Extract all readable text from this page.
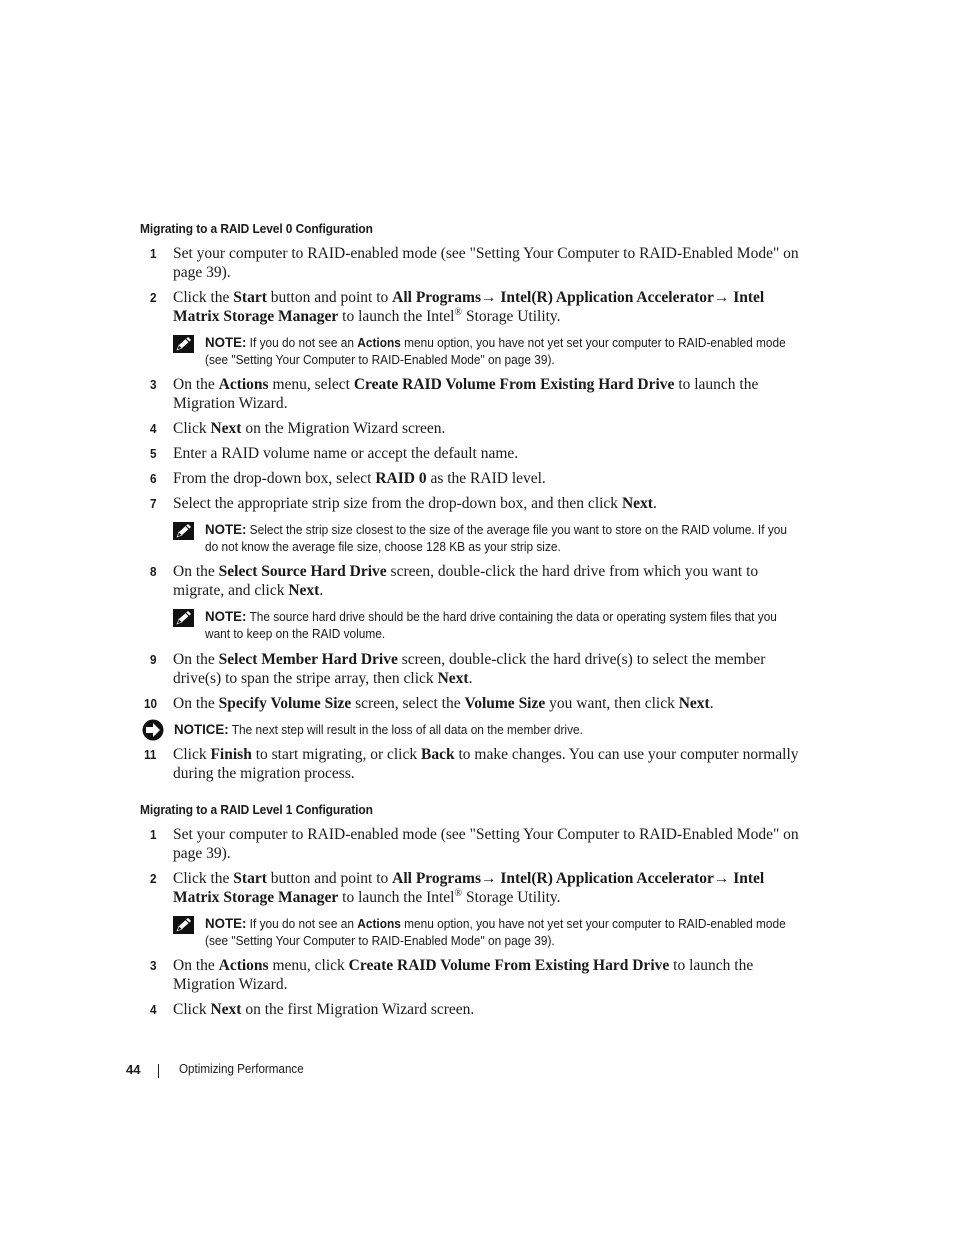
Migrating to a RAID Level 0 Configuration
1	Set your computer to RAID-enabled mode (see "Setting Your Computer to RAID-Enabled Mode" on page 39).
2	Click the Start button and point to All Programs→ Intel(R) Application Accelerator→ Intel Matrix Storage Manager to launch the Intel® Storage Utility.
NOTE: If you do not see an Actions menu option, you have not yet set your computer to RAID-enabled mode (see "Setting Your Computer to RAID-Enabled Mode" on page 39).
3	On the Actions menu, select Create RAID Volume From Existing Hard Drive to launch the Migration Wizard.
4	Click Next on the Migration Wizard screen.
5	Enter a RAID volume name or accept the default name.
6	From the drop-down box, select RAID 0 as the RAID level.
7	Select the appropriate strip size from the drop-down box, and then click Next.
NOTE: Select the strip size closest to the size of the average file you want to store on the RAID volume. If you do not know the average file size, choose 128 KB as your strip size.
8	On the Select Source Hard Drive screen, double-click the hard drive from which you want to migrate, and click Next.
NOTE: The source hard drive should be the hard drive containing the data or operating system files that you want to keep on the RAID volume.
9	On the Select Member Hard Drive screen, double-click the hard drive(s) to select the member drive(s) to span the stripe array, then click Next.
10	On the Specify Volume Size screen, select the Volume Size you want, then click Next.
NOTICE: The next step will result in the loss of all data on the member drive.
11	Click Finish to start migrating, or click Back to make changes. You can use your computer normally during the migration process.
Migrating to a RAID Level 1 Configuration
1	Set your computer to RAID-enabled mode (see "Setting Your Computer to RAID-Enabled Mode" on page 39).
2	Click the Start button and point to All Programs→ Intel(R) Application Accelerator→ Intel Matrix Storage Manager to launch the Intel® Storage Utility.
NOTE: If you do not see an Actions menu option, you have not yet set your computer to RAID-enabled mode (see "Setting Your Computer to RAID-Enabled Mode" on page 39).
3	On the Actions menu, click Create RAID Volume From Existing Hard Drive to launch the Migration Wizard.
4	Click Next on the first Migration Wizard screen.
44	Optimizing Performance
